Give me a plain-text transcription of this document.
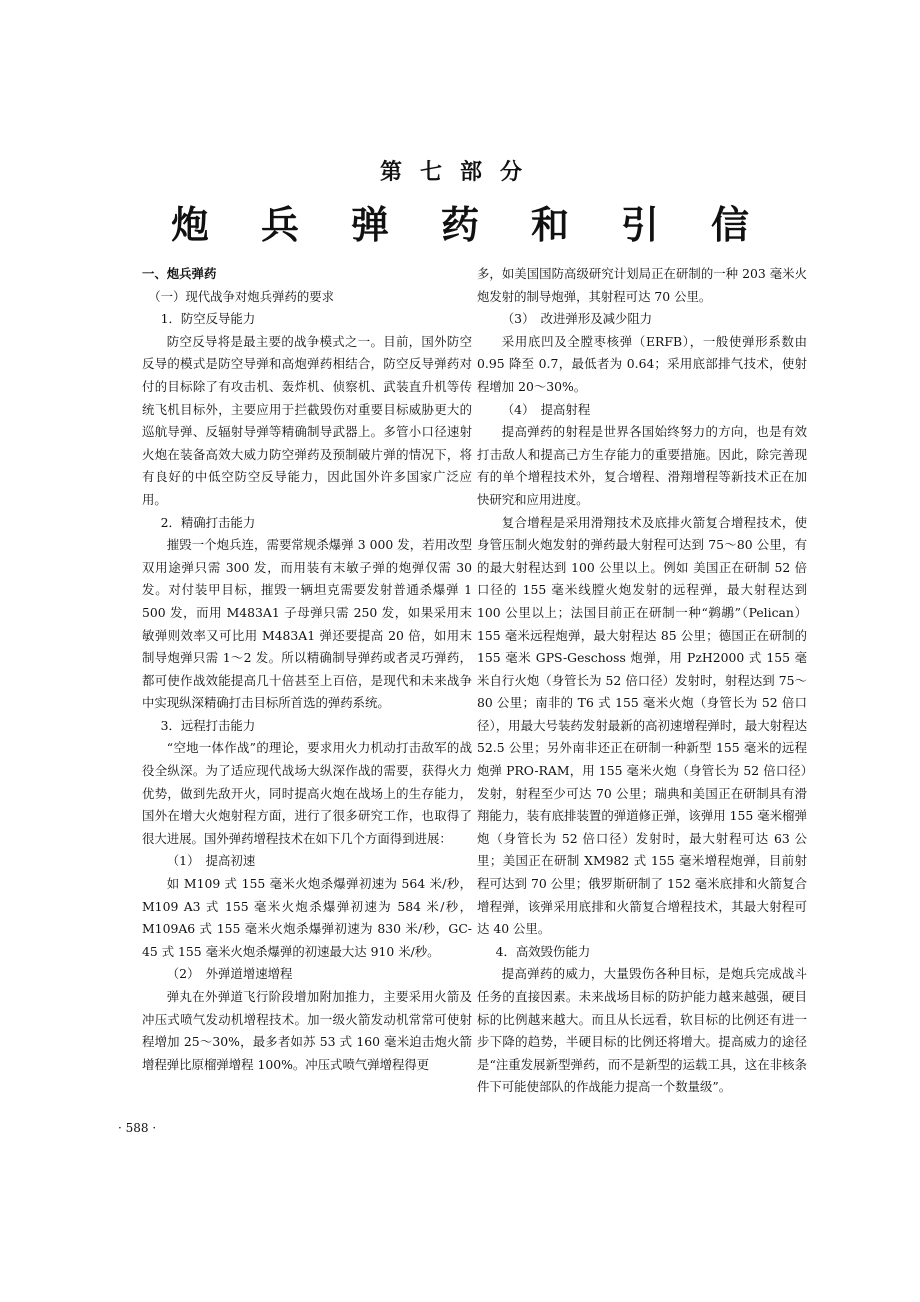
第七部分
炮兵弹药和引信

一、炮兵弹药

（一）现代战争对炮兵弹药的要求

1．防空反导能力

防空反导将是最主要的战争模式之一。目前，国外防空反导的模式是防空导弹和高炮弹药相结合，防空反导弹药对付的目标除了有攻击机、轰炸机、侦察机、武装直升机等传统飞机目标外，主要应用于拦截毁伤对重要目标威胁更大的巡航导弹、反辐射导弹等精确制导武器上。多管小口径速射火炮在装备高效大威力防空弹药及预制破片弹的情况下，将有良好的中低空防空反导能力，因此国外许多国家广泛应用。

2．精确打击能力

摧毁一个炮兵连，需要常规杀爆弹 3 000 发，若用改型双用途弹只需 300 发，而用装有末敏子弹的炮弹仅需 30 发。对付装甲目标，摧毁一辆坦克需要发射普通杀爆弹 1 500 发，而用 M483A1 子母弹只需 250 发，如果采用末敏弹则效率又可比用 M483A1 弹还要提高 20 倍，如用末制导炮弹只需 1～2 发。所以精确制导弹药或者灵巧弹药，都可使作战效能提高几十倍甚至上百倍，是现代和未来战争中实现纵深精确打击目标所首选的弹药系统。

3．远程打击能力

“空地一体作战”的理论，要求用火力机动打击敌军的战役全纵深。为了适应现代战场大纵深作战的需要，获得火力优势，做到先敌开火，同时提高火炮在战场上的生存能力，国外在增大火炮射程方面，进行了很多研究工作，也取得了很大进展。国外弹药增程技术在如下几个方面得到进展：

（1）　提高初速

如 M109 式 155 毫米火炮杀爆弹初速为 564 米/秒，M109 A3 式 155 毫米火炮杀爆弹初速为 584 米/秒，M109A6 式 155 毫米火炮杀爆弹初速为 830 米/秒，GC-45 式 155 毫米火炮杀爆弹的初速最大达 910 米/秒。

（2）　外弹道增速增程

弹丸在外弹道飞行阶段增加附加推力，主要采用火箭及冲压式喷气发动机增程技术。加一级火箭发动机常常可使射程增加 25～30%，最多者如苏 53 式 160 毫米迫击炮火箭增程弹比原榴弹增程 100%。冲压式喷气弹增程得更

多，如美国国防高级研究计划局正在研制的一种 203 毫米火炮发射的制导炮弹，其射程可达 70 公里。

（3）　改进弹形及减少阻力

采用底凹及全膛枣核弹（ERFB），一般使弹形系数由 0.95 降至 0.7，最低者为 0.64；采用底部排气技术，使射程增加 20～30%。

（4）　提高射程

提高弹药的射程是世界各国始终努力的方向，也是有效打击敌人和提高己方生存能力的重要措施。因此，除完善现有的单个增程技术外，复合增程、滑翔增程等新技术正在加快研究和应用进度。

复合增程是采用滑翔技术及底排火箭复合增程技术，使身管压制火炮发射的弹药最大射程可达到 75～80 公里，有的最大射程达到 100 公里以上。例如 美国正在研制 52 倍口径的 155 毫米线膛火炮发射的远程弹，最大射程达到 100 公里以上；法国目前正在研制一种“鹈鹕”（Pelican）155 毫米远程炮弹，最大射程达 85 公里；德国正在研制的 155 毫米 GPS-Geschoss 炮弹，用 PzH2000 式 155 毫米自行火炮（身管长为 52 倍口径）发射时，射程达到 75～80 公里；南非的 T6 式 155 毫米火炮（身管长为 52 倍口径），用最大号装药发射最新的高初速增程弹时，最大射程达 52.5 公里；另外南非还正在研制一种新型 155 毫米的远程炮弹 PRO-RAM，用 155 毫米火炮（身管长为 52 倍口径）发射，射程至少可达 70 公里；瑞典和美国正在研制具有滑翔能力，装有底排装置的弹道修正弹，该弹用 155 毫米榴弹炮（身管长为 52 倍口径）发射时，最大射程可达 63 公里；美国正在研制 XM982 式 155 毫米增程炮弹，目前射程可达到 70 公里；俄罗斯研制了 152 毫米底排和火箭复合增程弹，该弹采用底排和火箭复合增程技术，其最大射程可达 40 公里。

4．高效毁伤能力

提高弹药的威力，大量毁伤各种目标，是炮兵完成战斗任务的直接因素。未来战场目标的防护能力越来越强，硬目标的比例越来越大。而且从长远看，软目标的比例还有进一步下降的趋势，半硬目标的比例还将增大。提高威力的途径是“注重发展新型弹药，而不是新型的运载工具，这在非核条件下可能使部队的作战能力提高一个数量级”。

· 588 ·
